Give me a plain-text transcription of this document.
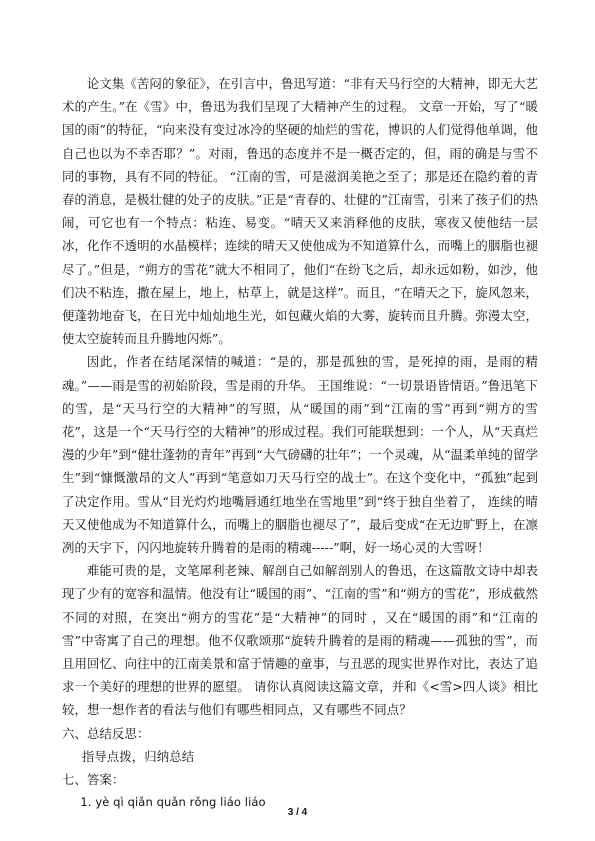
论文集《苦闷的象征》，在引言中，鲁迅写道：“非有天马行空的大精神，即无大艺术的产生。”在《雪》中，鲁迅为我们呈现了大精神产生的过程。 文章一开始，写了“暖国的雨”的特征，“向来没有变过冰冷的坚硬的灿烂的雪花，博识的人们觉得他单调，他自己也以为不幸否耶？”。对雨，鲁迅的态度并不是一概否定的，但，雨的确是与雪不同的事物，具有不同的特征。 “江南的雪，可是滋润美艳之至了；那是还在隐约着的青春的消息，是极壮健的处子的皮肤。”正是“青春的、壮健的”江南雪，引来了孩子们的热闹，可它也有一个特点：粘连、易变。“晴天又来消释他的皮肤，寒夜又使他结一层冰，化作不透明的水晶模样；连续的晴天又使他成为不知道算什么，而嘴上的胭脂也褪尽了。”但是，“朔方的雪花”就大不相同了，他们“在纷飞之后，却永远如粉，如沙，他们决不粘连，撒在屋上，地上，枯草上，就是这样”。而且，“在晴天之下，旋风忽来，便蓬勃地奋飞，在日光中灿灿地生光，如包藏火焰的大雾，旋转而且升腾。弥漫太空，使太空旋转而且升腾地闪烁”。

因此，作者在结尾深情的喊道：“是的，那是孤独的雪，是死掉的雨，是雨的精魂。”——雨是雪的初始阶段，雪是雨的升华。 王国维说：“一切景语皆情语。”鲁迅笔下的雪，是“天马行空的大精神”的写照，从“暖国的雨”到“江南的雪”再到“朔方的雪花”，这是一个“天马行空的大精神”的形成过程。我们可能联想到：一个人，从“天真烂漫的少年”到“健壮蓬勃的青年”再到“大气磅礴的壮年”；一个灵魂，从“温柔单纯的留学生”到“慷慨激昂的文人”再到“笔意如刀天马行空的战士”。在这个变化中，“孤独”起到了决定作用。雪从“目光灼灼地嘴唇通红地坐在雪地里”到“终于独自坐着了， 连续的晴天又使他成为不知道算什么，而嘴上的胭脂也褪尽了”，最后变成“在无边旷野上，在凛冽的天宇下，闪闪地旋转升腾着的是雨的精魂-----”啊，好一场心灵的大雪呀！

难能可贵的是，文笔犀利老辣、解剖自己如解剖别人的鲁迅，在这篇散文诗中却表现了少有的宽容和温情。他没有让“暖国的雨”、“江南的雪”和“朔方的雪花”，形成截然不同的对照，在突出“朔方的雪花”是“大精神”的同时 ，又在“暖国的雨”和“江南的雪”中寄寓了自己的理想。他不仅歌颂那“旋转升腾着的是雨的精魂——孤独的雪”，而且用回忆、向往中的江南美景和富于情趣的童事，与丑恶的现实世界作对比，表达了追求一个美好的理想的世界的愿望。 请你认真阅读这篇文章，并和《<雪>四人谈》相比较，想一想作者的看法与他们有哪些相同点，又有哪些不同点？

六、总结反思：

指导点拨，归纳总结

七、答案：

1. yè qì qiǎn quǎn rǒng liáo liáo

3 / 4
